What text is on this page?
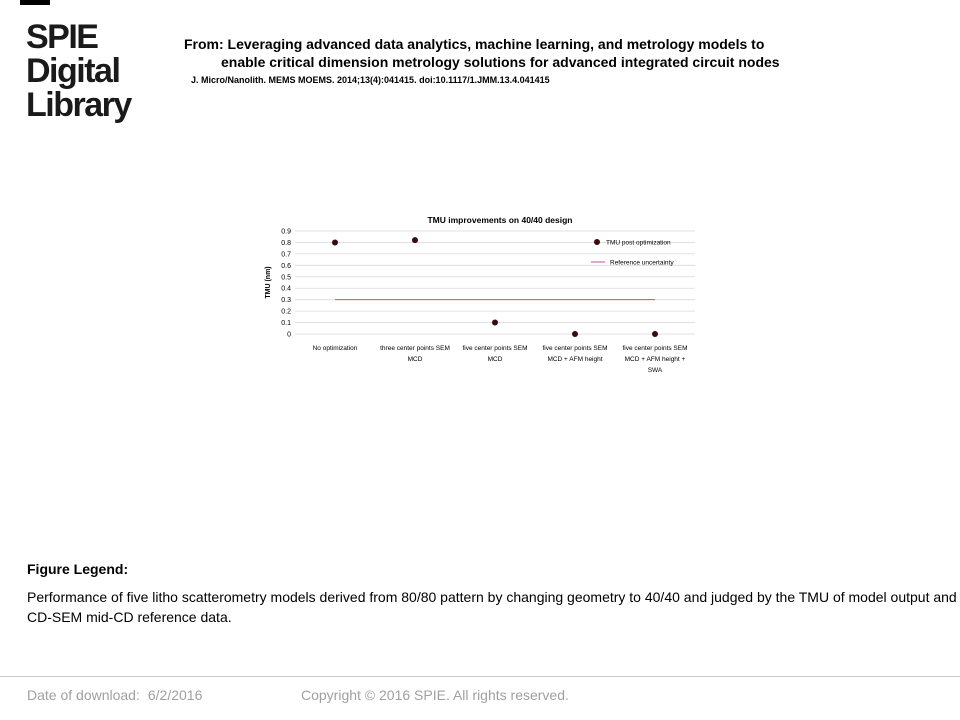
SPIE
Digital
Library

From: Leveraging advanced data analytics, machine learning, and metrology models to

enable critical dimension metrology solutions for advanced integrated circuit nodes

J. Micro/Nanolith. MEMS MOEMS. 2014;13(4):041415. doi:10.1117/1.JMM.13.4.041415

TMU improvements on 40/40 design
0
0.1
0.2
0.3
0.4
0.5
0.6
0.7
0.8
0.9
TMU (nm)
No optimization	three center points SEM
MCD
five center points SEM
MCD
five center points SEM
MCD + AFM height
five center points SEM
MCD + AFM height +
SWA
TMU post optimization
Reference uncertainty
Figure Legend:
Performance of five litho scatterometry models derived from 80/80 pattern by changing geometry to 40/40 and judged by the TMU of model output and CD-SEM mid-CD reference data.
Date of download: 6/2/2016	Copyright © 2016 SPIE. All rights reserved.
